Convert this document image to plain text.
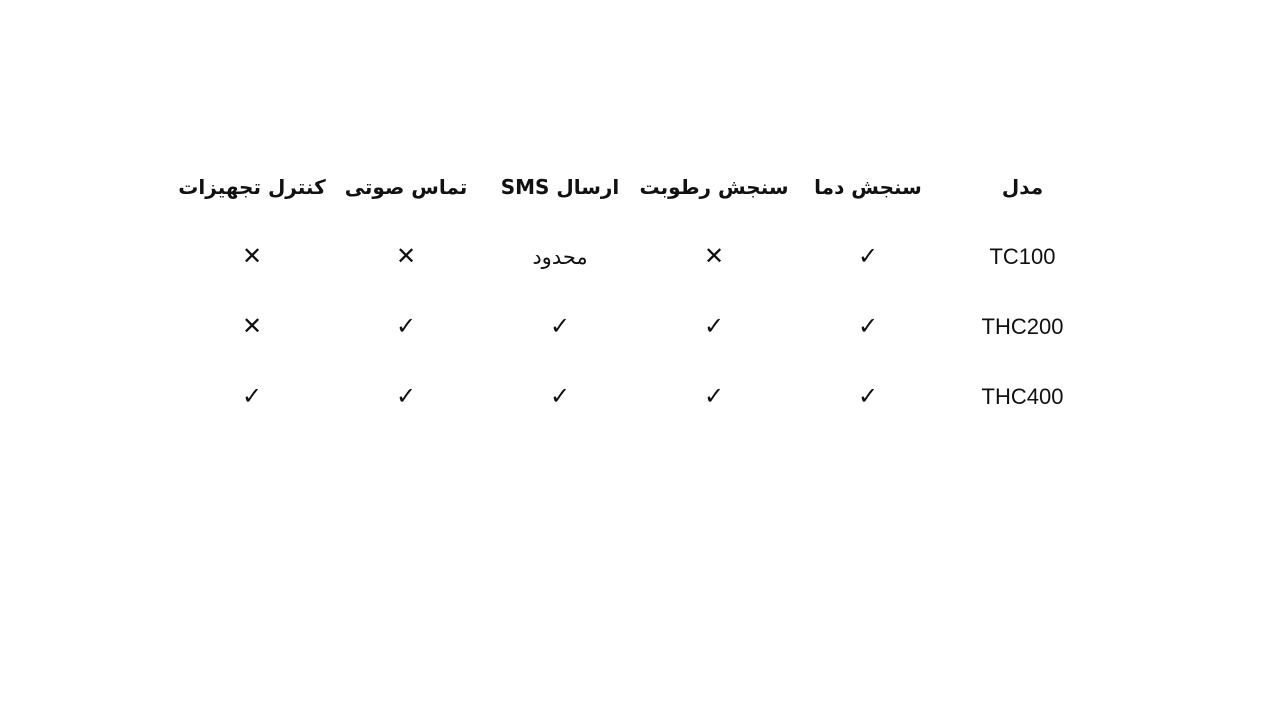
مدل	سنجش دما	سنجش رطوبت	ارسال SMS	تماس صوتی	کنترل تجهیزات
TC100	✓	✕	محدود	✕	✕
THC200	✓	✓	✓	✓	✕
THC400	✓	✓	✓	✓	✓
